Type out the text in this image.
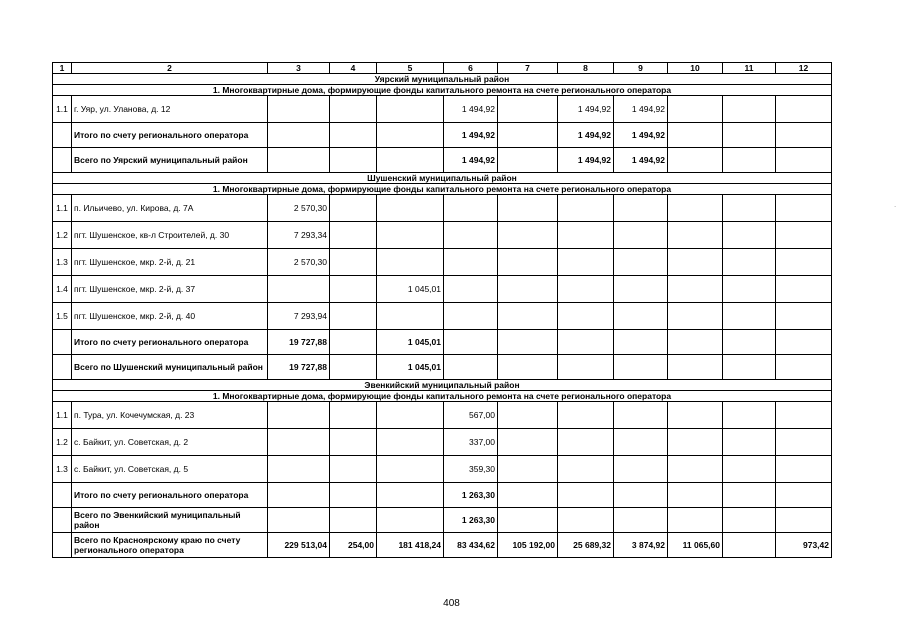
1	2	3	4	5	6	7	8	9	10	11	12
Уярский муниципальный район											
1. Многоквартирные дома, формирующие фонды капитального ремонта на счете регионального оператора											
1.1	г. Уяр, ул. Уланова, д. 12				1 494,92		1 494,92	1 494,92			
	Итого по счету регионального оператора				1 494,92		1 494,92	1 494,92			
	Всего по Уярский муниципальный район				1 494,92		1 494,92	1 494,92			
Шушенский муниципальный район											
1. Многоквартирные дома, формирующие фонды капитального ремонта на счете регионального оператора											
1.1	п. Ильичево, ул. Кирова, д. 7А	2 570,30									
1.2	пгт. Шушенское, кв-л Строителей, д. 30	7 293,34									
1.3	пгт. Шушенское, мкр. 2-й, д. 21	2 570,30									
1.4	пгт. Шушенское, мкр. 2-й, д. 37			1 045,01							
1.5	пгт. Шушенское, мкр. 2-й, д. 40	7 293,94									
	Итого по счету регионального оператора	19 727,88		1 045,01							
	Всего по Шушенский муниципальный район	19 727,88		1 045,01							
Эвенкийский муниципальный район											
1. Многоквартирные дома, формирующие фонды капитального ремонта на счете регионального оператора											
1.1	п. Тура, ул. Кочечумская, д. 23				567,00						
1.2	с. Байкит, ул. Советская, д. 2				337,00						
1.3	с. Байкит, ул. Советская, д. 5				359,30						
	Итого по счету регионального оператора				1 263,30						
	Всего по Эвенкийский муниципальный район				1 263,30						
	Всего по Красноярскому краю по счету регионального оператора	229 513,04	254,00	181 418,24	83 434,62	105 192,00	25 689,32	3 874,92	11 065,60		973,42
408
.
